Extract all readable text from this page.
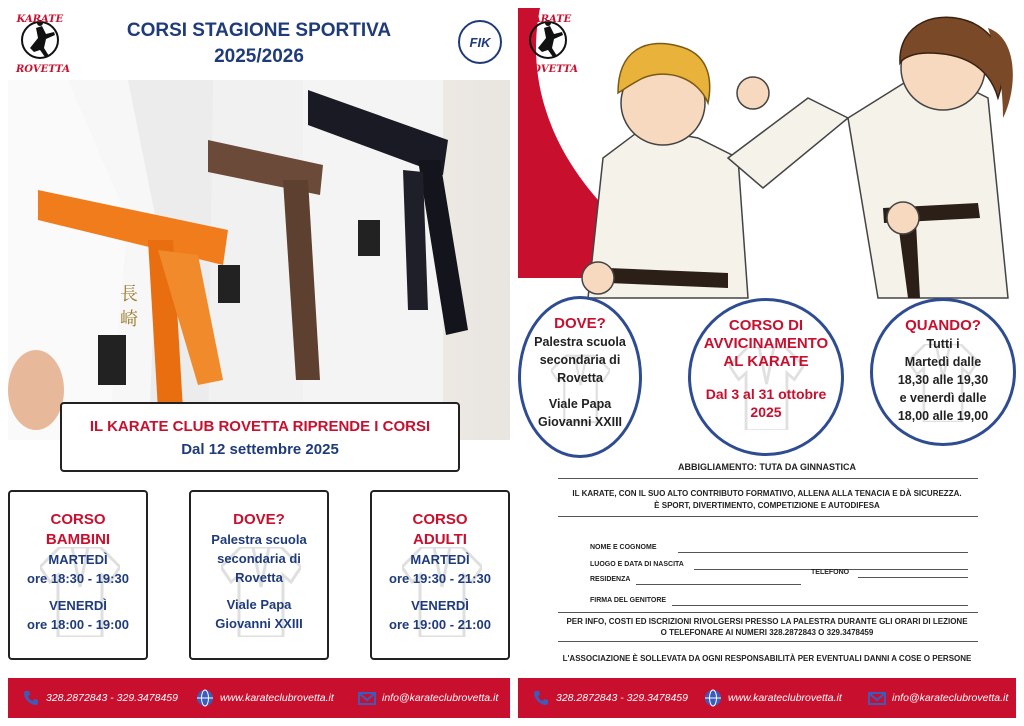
KARATE
ROVETTA
CORSI STAGIONE SPORTIVA
2025/2026
FIK
長
崎
IL KARATE CLUB ROVETTA RIPRENDE I CORSI
Dal 12 settembre 2025
CORSO
BAMBINI
MARTEDÌ
ore 18:30 - 19:30
VENERDÌ
ore 18:00 - 19:00
DOVE?
Palestra scuola
secondaria di
Rovetta
Viale Papa
Giovanni XXIII
CORSO
ADULTI
MARTEDÌ
ore 19:30 - 21:30
VENERDÌ
ore 19:00 - 21:00
328.2872843 - 329.3478459	www.karateclubrovetta.it	info@karateclubrovetta.it
KARATE
ROVETTA
DOVE?
Palestra scuola
secondaria di
Rovetta
Viale Papa
Giovanni XXIII
CORSO DI
AVVICINAMENTO
AL KARATE
Dal 3 al 31 ottobre
2025
QUANDO?
Tutti i
Martedì dalle
18,30 alle 19,30
e venerdì dalle
18,00 alle 19,00
ABBIGLIAMENTO: TUTA DA GINNASTICA
IL KARATE, CON IL SUO ALTO CONTRIBUTO FORMATIVO, ALLENA ALLA TENACIA E DÀ SICUREZZA.
È SPORT, DIVERTIMENTO, COMPETIZIONE E AUTODIFESA
NOME E COGNOME
LUOGO E DATA DI NASCITA
RESIDENZA
TELEFONO
FIRMA DEL GENITORE
PER INFO, COSTI ED ISCRIZIONI RIVOLGERSI PRESSO LA PALESTRA DURANTE GLI ORARI DI LEZIONE
O TELEFONARE AI NUMERI 328.2872843 O 329.3478459
L'ASSOCIAZIONE È SOLLEVATA DA OGNI RESPONSABILITÀ PER EVENTUALI DANNI A COSE O PERSONE
328.2872843 - 329.3478459	www.karateclubrovetta.it	info@karateclubrovetta.it
